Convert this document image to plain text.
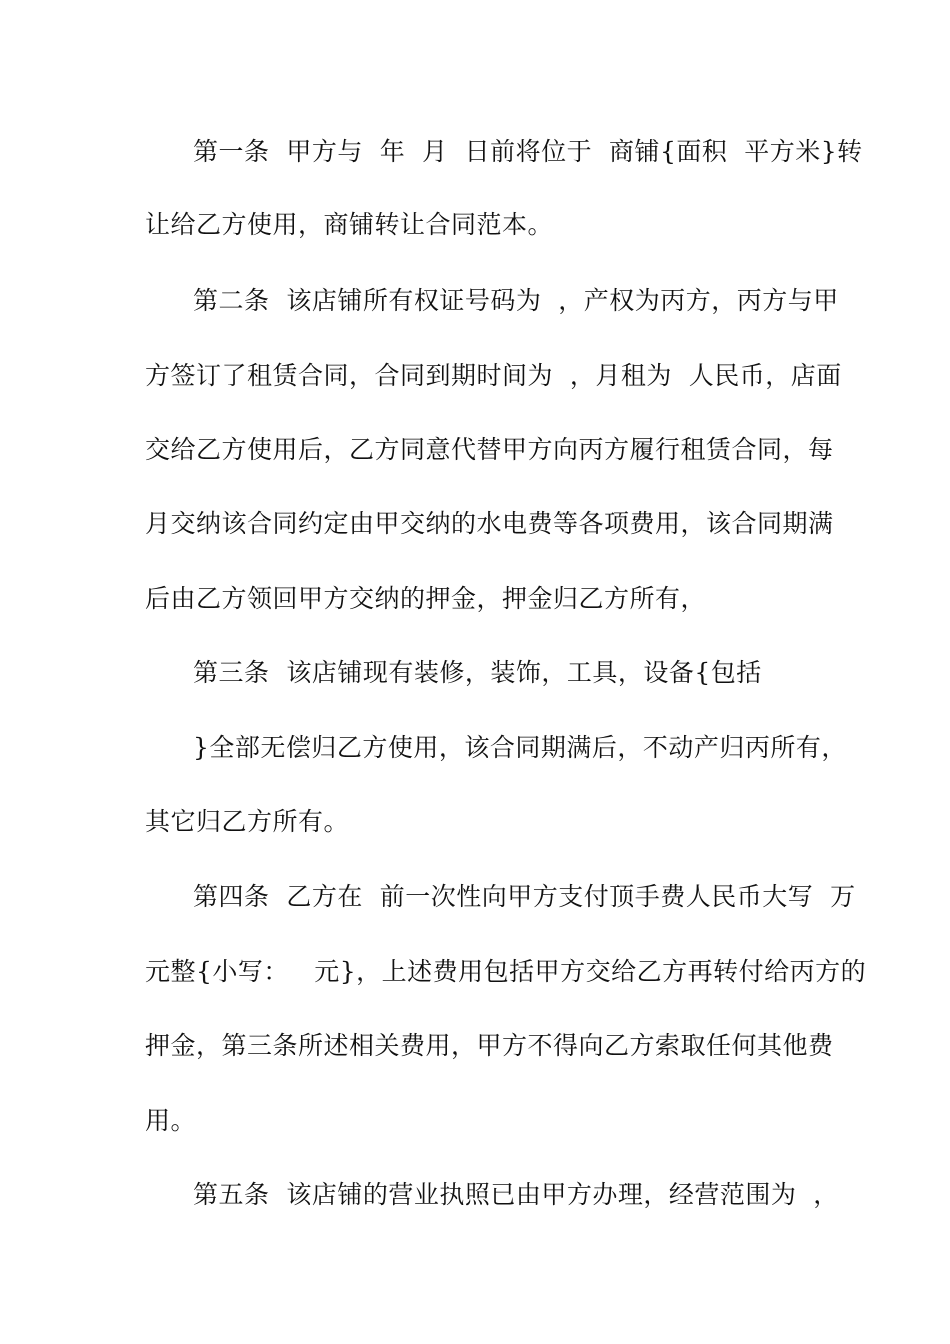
第一条  甲方与  年  月  日前将位于  商铺{面积  平方米}转
让给乙方使用，商铺转让合同范本。
第二条  该店铺所有权证号码为  ，产权为丙方，丙方与甲
方签订了租赁合同，合同到期时间为  ，月租为  人民币，店面
交给乙方使用后，乙方同意代替甲方向丙方履行租赁合同，每
月交纳该合同约定由甲交纳的水电费等各项费用，该合同期满
后由乙方领回甲方交纳的押金，押金归乙方所有，
第三条  该店铺现有装修，装饰，工具，设备{包括
}全部无偿归乙方使用，该合同期满后，不动产归丙所有，
其它归乙方所有。
第四条  乙方在  前一次性向甲方支付顶手费人民币大写  万
元整{小写：   元}，上述费用包括甲方交给乙方再转付给丙方的
押金，第三条所述相关费用，甲方不得向乙方索取任何其他费
用。
第五条  该店铺的营业执照已由甲方办理，经营范围为  ，
